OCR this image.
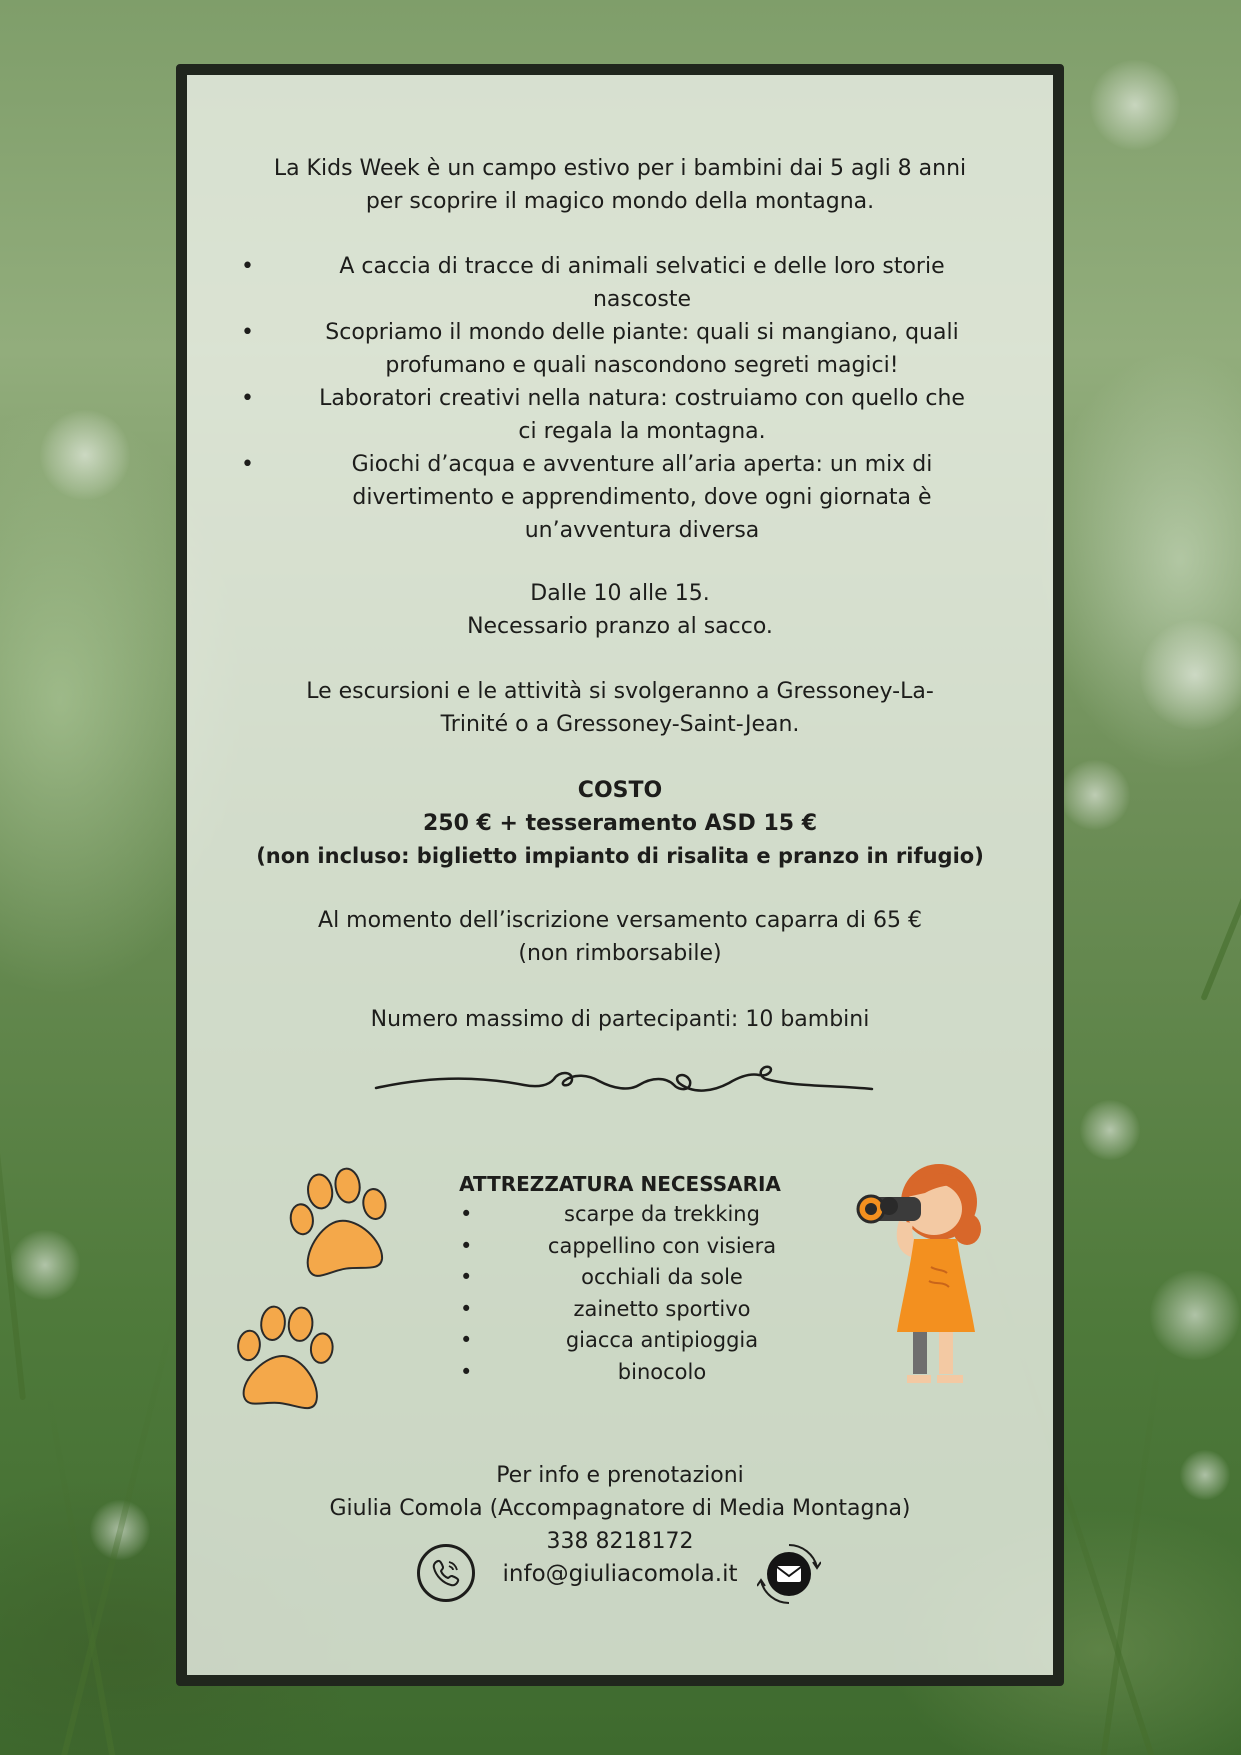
La Kids Week è un campo estivo per i bambini dai 5 agli 8 anni
per scoprire il magico mondo della montagna.
•	A caccia di tracce di animali selvatici e delle loro storie
nascoste
•	Scopriamo il mondo delle piante: quali si mangiano, quali
profumano e quali nascondono segreti magici!
•	Laboratori creativi nella natura: costruiamo con quello che
ci regala la montagna.
•	Giochi d’acqua e avventure all’aria aperta: un mix di
divertimento e apprendimento, dove ogni giornata è
un’avventura diversa
Dalle 10 alle 15.
Necessario pranzo al sacco.
Le escursioni e le attività si svolgeranno a Gressoney-La-
Trinité o a Gressoney-Saint-Jean.
COSTO
250 € + tesseramento ASD 15 €
(non incluso: biglietto impianto di risalita e pranzo in rifugio)
Al momento dell’iscrizione versamento caparra di 65 €
(non rimborsabile)
Numero massimo di partecipanti: 10 bambini
ATTREZZATURA NECESSARIA
•	scarpe da trekking
•	cappellino con visiera
•	occhiali da sole
•	zainetto sportivo
•	giacca antipioggia
•	binocolo
Per info e prenotazioni
Giulia Comola (Accompagnatore di Media Montagna)
338 8218172
info@giuliacomola.it
